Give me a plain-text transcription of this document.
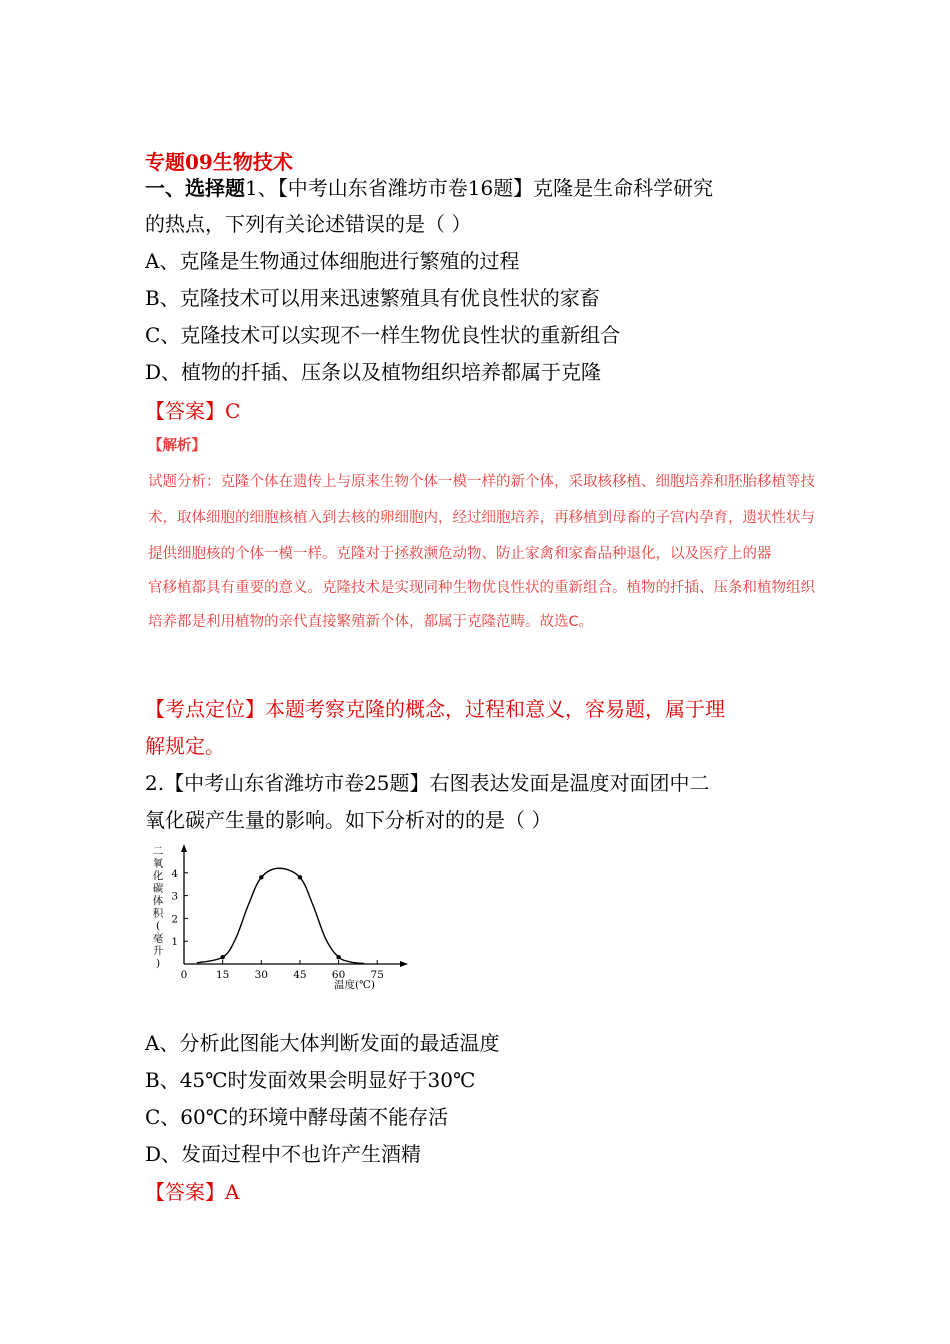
专题09生物技术
一、选择题1、【中考山东省潍坊市卷16题】克隆是生命科学研究
的热点，下列有关论述错误的是（ ）
A、克隆是生物通过体细胞进行繁殖的过程
B、克隆技术可以用来迅速繁殖具有优良性状的家畜
C、克隆技术可以实现不一样生物优良性状的重新组合
D、植物的扦插、压条以及植物组织培养都属于克隆
【答案】C
【解析】
试题分析：克隆个体在遗传上与原来生物个体一模一样的新个体，采取核移植、细胞培养和胚胎移植等技
术，取体细胞的细胞核植入到去核的卵细胞内，经过细胞培养，再移植到母畜的子宫内孕育，遗状性状与
提供细胞核的个体一模一样。克隆对于拯救濒危动物、防止家禽和家畜品种退化，以及医疗上的器
官移植都具有重要的意义。克隆技术是实现同种生物优良性状的重新组合。植物的扦插、压条和植物组织
培养都是利用植物的亲代直接繁殖新个体，都属于克隆范畴。故选C。
【考点定位】本题考察克隆的概念，过程和意义，容易题，属于理
解规定。
2.【中考山东省潍坊市卷25题】右图表达发面是温度对面团中二
氧化碳产生量的影响。如下分析对的的是（ ）
二
氧
化
碳
体
积
(
毫
升
)
1
2
3
4
0	15 30 45 60 75
温度(℃)
A、分析此图能大体判断发面的最适温度
B、45℃时发面效果会明显好于30℃
C、60℃的环境中酵母菌不能存活
D、发面过程中不也许产生酒精
【答案】A
